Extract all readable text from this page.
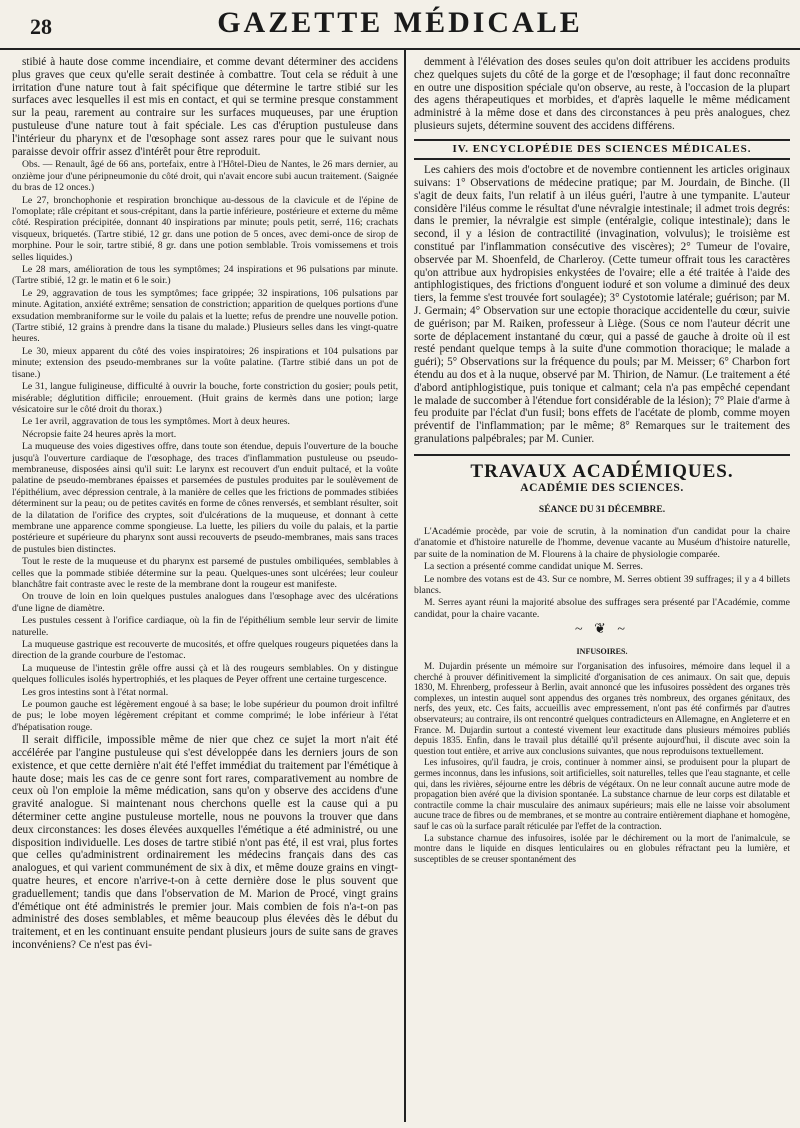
28	GAZETTE MÉDICALE

stibié à haute dose comme incendiaire, et comme devant déterminer des accidens plus graves que ceux qu'elle serait destinée à combattre. Tout cela se réduit à une irritation d'une nature tout à fait spécifique que détermine le tartre stibié sur les surfaces avec lesquelles il est mis en contact, et qui se termine presque constamment sur la peau, rarement au contraire sur les surfaces muqueuses, par une éruption pustuleuse d'une nature tout à fait spéciale. Les cas d'éruption pustuleuse dans l'intérieur du pharynx et de l'œsophage sont assez rares pour que le suivant nous paraisse devoir offrir assez d'intérêt pour être reproduit.

Obs. — Renault, âgé de 66 ans, portefaix, entre à l'Hôtel-Dieu de Nantes, le 26 mars dernier, au onzième jour d'une péripneumonie du côté droit, qui n'avait encore subi aucun traitement. (Saignée du bras de 12 onces.)

Le 27, bronchophonie et respiration bronchique au-dessous de la clavicule et de l'épine de l'omoplate; râle crépitant et sous-crépitant, dans la partie inférieure, postérieure et externe du même côté. Respiration précipitée, donnant 40 inspirations par minute; pouls petit, serré, 116; crachats visqueux, briquetés. (Tartre stibié, 12 gr. dans une potion de 5 onces, avec demi-once de sirop de morphine. Pour le soir, tartre stibié, 8 gr. dans une potion semblable. Trois vomissemens et trois selles liquides.)

Le 28 mars, amélioration de tous les symptômes; 24 inspirations et 96 pulsations par minute. (Tartre stibié, 12 gr. le matin et 6 le soir.)

Le 29, aggravation de tous les symptômes; face grippée; 32 inspirations, 106 pulsations par minute. Agitation, anxiété extrême; sensation de constriction; apparition de quelques portions d'une exsudation membraniforme sur le voile du palais et la luette; refus de prendre une nouvelle potion. (Tartre stibié, 12 grains à prendre dans la tisane du malade.) Plusieurs selles dans les vingt-quatre heures.

Le 30, mieux apparent du côté des voies inspiratoires; 26 inspirations et 104 pulsations par minute; extension des pseudo-membranes sur la voûte palatine. (Tartre stibié dans un pot de tisane.)

Le 31, langue fuligineuse, difficulté à ouvrir la bouche, forte constriction du gosier; pouls petit, misérable; déglutition difficile; enrouement. (Huit grains de kermès dans une potion; large vésicatoire sur le côté droit du thorax.)

Le 1er avril, aggravation de tous les symptômes. Mort à deux heures.

Nécropsie faite 24 heures après la mort.

La muqueuse des voies digestives offre, dans toute son étendue, depuis l'ouverture de la bouche jusqu'à l'ouverture cardiaque de l'œsophage, des traces d'inflammation pustuleuse ou pseudo-membraneuse, disposées ainsi qu'il suit: Le larynx est recouvert d'un enduit pultacé, et la voûte palatine de pseudo-membranes épaisses et parsemées de pustules produites par le soulèvement de l'épithélium, avec dépression centrale, à la manière de celles que les frictions de pommades stibiées déterminent sur la peau; ou de petites cavités en forme de cônes renversés, et semblant résulter, soit de la dilatation de l'orifice des cryptes, soit d'ulcérations de la muqueuse, et donnant à cette membrane une apparence comme spongieuse. La luette, les piliers du voile du palais, et la partie postérieure et supérieure du pharynx sont aussi recouverts de pseudo-membranes, mais sans traces de pustules bien distinctes.

Tout le reste de la muqueuse et du pharynx est parsemé de pustules ombiliquées, semblables à celles que la pommade stibiée détermine sur la peau. Quelques-unes sont ulcérées; leur couleur blanchâtre fait contraste avec le reste de la membrane dont la rougeur est manifeste.

On trouve de loin en loin quelques pustules analogues dans l'œsophage avec des ulcérations d'une ligne de diamètre.

Les pustules cessent à l'orifice cardiaque, où la fin de l'épithélium semble leur servir de limite naturelle.

La muqueuse gastrique est recouverte de mucosités, et offre quelques rougeurs piquetées dans la direction de la grande courbure de l'estomac.

La muqueuse de l'intestin grêle offre aussi çà et là des rougeurs semblables. On y distingue quelques follicules isolés hypertrophiés, et les plaques de Peyer offrent une certaine turgescence.

Les gros intestins sont à l'état normal.

Le poumon gauche est légèrement engoué à sa base; le lobe supérieur du poumon droit infiltré de pus; le lobe moyen légèrement crépitant et comme comprimé; le lobe inférieur à l'état d'hépatisation rouge.

Il serait difficile, impossible même de nier que chez ce sujet la mort n'ait été accélérée par l'angine pustuleuse qui s'est développée dans les derniers jours de son existence, et que cette dernière n'ait été l'effet immédiat du traitement par l'émétique à haute dose; mais les cas de ce genre sont fort rares, comparativement au nombre de ceux où l'on emploie la même médication, sans qu'on y observe des accidens d'une gravité analogue. Si maintenant nous cherchons quelle est la cause qui a pu déterminer cette angine pustuleuse mortelle, nous ne pouvons la trouver que dans deux circonstances: les doses élevées auxquelles l'émétique a été administré, ou une disposition individuelle. Les doses de tartre stibié n'ont pas été, il est vrai, plus fortes que celles qu'administrent ordinairement les médecins français dans des cas analogues, et qui varient communément de six à dix, et même douze grains en vingt-quatre heures, et encore n'arrive-t-on à cette dernière dose le plus souvent que graduellement; tandis que dans l'observation de M. Marion de Procé, vingt grains d'émétique ont été administrés le premier jour. Mais combien de fois n'a-t-on pas administré des doses semblables, et même beaucoup plus élevées dès le début du traitement, et en les continuant ensuite pendant plusieurs jours de suite sans de graves inconvéniens? Ce n'est pas évi-

demment à l'élévation des doses seules qu'on doit attribuer les accidens produits chez quelques sujets du côté de la gorge et de l'œsophage; il faut donc reconnaître en outre une disposition spéciale qu'on observe, au reste, à l'occasion de la plupart des agens thérapeutiques et morbides, et d'après laquelle le même médicament administré à la même dose et dans des circonstances à peu près analogues, chez plusieurs sujets, détermine souvent des accidens différens.

IV. ENCYCLOPÉDIE DES SCIENCES MÉDICALES.

Les cahiers des mois d'octobre et de novembre contiennent les articles originaux suivans: 1° Observations de médecine pratique; par M. Jourdain, de Binche. (Il s'agit de deux faits, l'un relatif à un iléus guéri, l'autre à une tympanite. L'auteur considère l'iléus comme le résultat d'une névralgie intestinale; il admet trois degrés: dans le premier, la névralgie est simple (entéralgie, colique intestinale); dans le second, il y a lésion de contractilité (invagination, volvulus); le troisième est constitué par l'inflammation consécutive des viscères); 2° Tumeur de l'ovaire, observée par M. Shoenfeld, de Charleroy. (Cette tumeur offrait tous les caractères qu'on attribue aux hydropisies enkystées de l'ovaire; elle a été traitée à l'aide des antiphlogistiques, des frictions d'onguent ioduré et son volume a diminué des deux tiers, la femme s'est trouvée fort soulagée); 3° Cystotomie latérale; guérison; par M. J. Germain; 4° Observation sur une ectopie thoracique accidentelle du cœur, suivie de guérison; par M. Raiken, professeur à Liège. (Sous ce nom l'auteur décrit une sorte de déplacement instantané du cœur, qui a passé de gauche à droite où il est resté pendant quelque temps à la suite d'une commotion thoracique; le malade a guéri); 5° Observations sur la fréquence du pouls; par M. Meisser; 6° Charbon fort étendu au dos et à la nuque, observé par M. Thirion, de Namur. (Le traitement a été d'abord antiphlogistique, puis tonique et calmant; cela n'a pas empêché cependant le malade de succomber à l'étendue fort considérable de la lésion); 7° Plaie d'arme à feu produite par l'éclat d'un fusil; bons effets de l'acétate de plomb, comme moyen préventif de l'inflammation; par le même; 8° Remarques sur le traitement des granulations palpébrales; par M. Cunier.

TRAVAUX ACADÉMIQUES.
ACADÉMIE DES SCIENCES.
SÉANCE DU 31 DÉCEMBRE.

L'Académie procède, par voie de scrutin, à la nomination d'un candidat pour la chaire d'anatomie et d'histoire naturelle de l'homme, devenue vacante au Muséum d'histoire naturelle, par suite de la nomination de M. Flourens à la chaire de physiologie comparée.

La section a présenté comme candidat unique M. Serres.

Le nombre des votans est de 43. Sur ce nombre, M. Serres obtient 39 suffrages; il y a 4 billets blancs.

M. Serres ayant réuni la majorité absolue des suffrages sera présenté par l'Académie, comme candidat, pour la chaire vacante.

~ ❦ ~
INFUSOIRES.

M. Dujardin présente un mémoire sur l'organisation des infusoires, mémoire dans lequel il a cherché à prouver définitivement la simplicité d'organisation de ces animaux. On sait que, depuis 1830, M. Ehrenberg, professeur à Berlin, avait annoncé que les infusoires possèdent des organes très complexes, un intestin auquel sont appendus des organes très nombreux, des organes génitaux, des nerfs, des yeux, etc. Ces faits, accueillis avec empressement, n'ont pas été confirmés par d'autres observateurs; au contraire, ils ont rencontré quelques contradicteurs en Allemagne, en Angleterre et en France. M. Dujardin surtout a contesté vivement leur exactitude dans plusieurs mémoires publiés depuis 1835. Enfin, dans le travail plus détaillé qu'il présente aujourd'hui, il discute avec soin la question tout entière, et arrive aux conclusions suivantes, que nous reproduisons textuellement.

Les infusoires, qu'il faudra, je crois, continuer à nommer ainsi, se produisent pour la plupart de germes inconnus, dans les infusions, soit artificielles, soit naturelles, telles que l'eau stagnante, et celle qui, dans les rivières, séjourne entre les débris de végétaux. On ne leur connaît aucune autre mode de propagation bien avéré que la division spontanée. La substance charnue de leur corps est dilatable et contractile comme la chair musculaire des animaux supérieurs; mais elle ne laisse voir absolument aucune trace de fibres ou de membranes, et se montre au contraire entièrement diaphane et homogène, sauf le cas où la surface paraît réticulée par l'effet de la contraction.

La substance charnue des infusoires, isolée par le déchirement ou la mort de l'animalcule, se montre dans le liquide en disques lenticulaires ou en globules réfractant peu la lumière, et susceptibles de se creuser spontanément des
